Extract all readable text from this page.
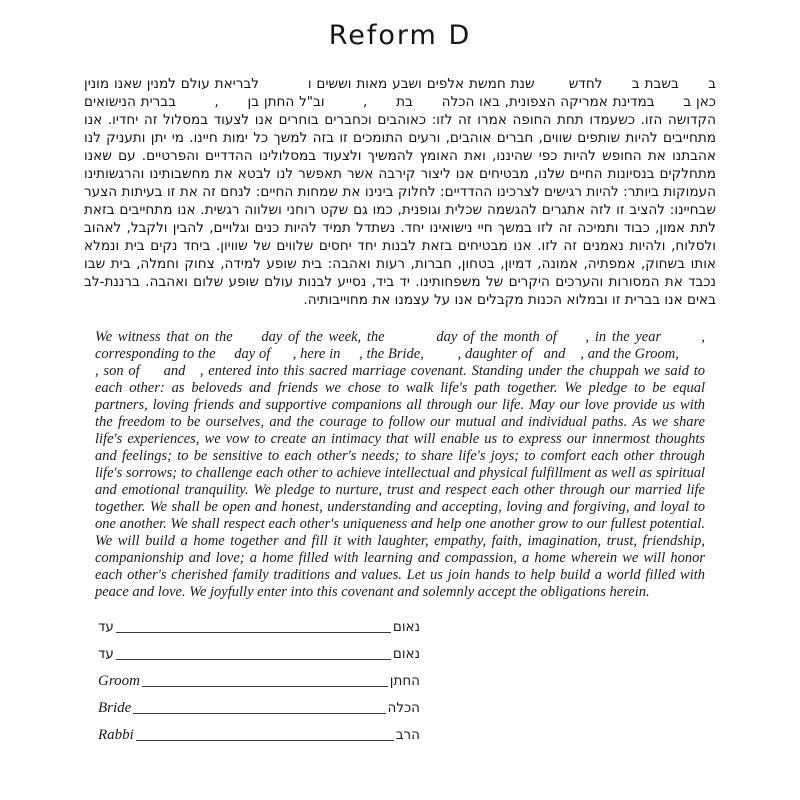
Reform D

ב      בשבת ב      לחדש       שנת חמשת אלפים ושבע מאות וששים ו          לבריאת עולם למנין שאנו מונין כאן ב      במדינת אמריקה הצפונית, באו הכלה      בת      ,        וב"ל החתן בן      ,        בברית הנישואים הקדושה הזו. כשעמדו תחת החופה אמרו זה לזו: כאוהבים וכחברים בוחרים אנו לצעוד במסלול זה יחדיו. אנו מתחייבים להיות שותפים שווים, חברים אוהבים, ורעים התומכים זו בזה למשך כל ימות חיינו. מי יתן ותעניק לנו אהבתנו את החופש להיות כפי שהיננו, ואת האומץ להמשיך ולצעוד במסלולינו ההדדיים והפרטיים. עם שאנו מתחלקים בנסיונות החיים שלנו, מבטיחים אנו ליצור קירבה אשר תאפשר לנו לבטא את מחשבותינו והרגשותינו העמוקות ביותר: להיות רגישים לצרכינו ההדדיים: לחלוק בינינו את שמחות החיים: לנחם זה את זו בעיתות הצער שבחיינו: להציב זו לזה אתגרים להגשמה שכלית וגופנית, כמו גם שקט רוחני ושלווה רגשית. אנו מתחייבים בזאת לתת אמון, כבוד ותמיכה זה לזו במשך חיי נישואינו יחד. נשתדל תמיד להיות כנים וגלויים, להבין ולקבל, לאהוב ולסלוח, ולהיות נאמנים זה לזו. אנו מבטיחים בזאת לבנות יחד יחסים שלווים של שוויון. ביחד נקים בית ונמלא אותו בשחוק, אמפתיה, אמונה, דמיון, בטחון, חברות, רעות ואהבה: בית שופע למידה, צחוק וחמלה, בית שבו נכבד את המסורות והערכים היקרים של משפחותינו. יד ביד, נסייע לבנות עולם שופע שלום ואהבה. ברננת-לב באים אנו בברית זו ובמלוא הכנות מקבלים אנו על עצמנו את מחוייבותיה.

We witness that on the     day of the week, the         day of the month of     , in the year       , corresponding to the     day of      , here in     , the Bride,         , daughter of   and    , and the Groom,        , son of     and   , entered into this sacred marriage covenant. Standing under the chuppah we said to each other: as beloveds and friends we chose to walk life's path together. We pledge to be equal partners, loving friends and supportive companions all through our life. May our love provide us with the freedom to be ourselves, and the courage to follow our mutual and individual paths. As we share life's experiences, we vow to create an intimacy that will enable us to express our innermost thoughts and feelings; to be sensitive to each other's needs; to share life's joys; to comfort each other through life's sorrows; to challenge each other to achieve intellectual and physical fulfillment as well as spiritual and emotional tranquility. We pledge to nurture, trust and respect each other through our married life together. We shall be open and honest, understanding and accepting, loving and forgiving, and loyal to one another. We shall respect each other's uniqueness and help one another grow to our fullest potential. We will build a home together and fill it with laughter, empathy, faith, imagination, trust, friendship, companionship and love; a home filled with learning and compassion, a home wherein we will honor each other's cherished family traditions and values. Let us join hands to help build a world filled with peace and love. We joyfully enter into this covenant and solemnly accept the obligations herein.

עד	נאום
עד	נאום
Groom	החתן
Bride	הכלה
Rabbi	הרב
